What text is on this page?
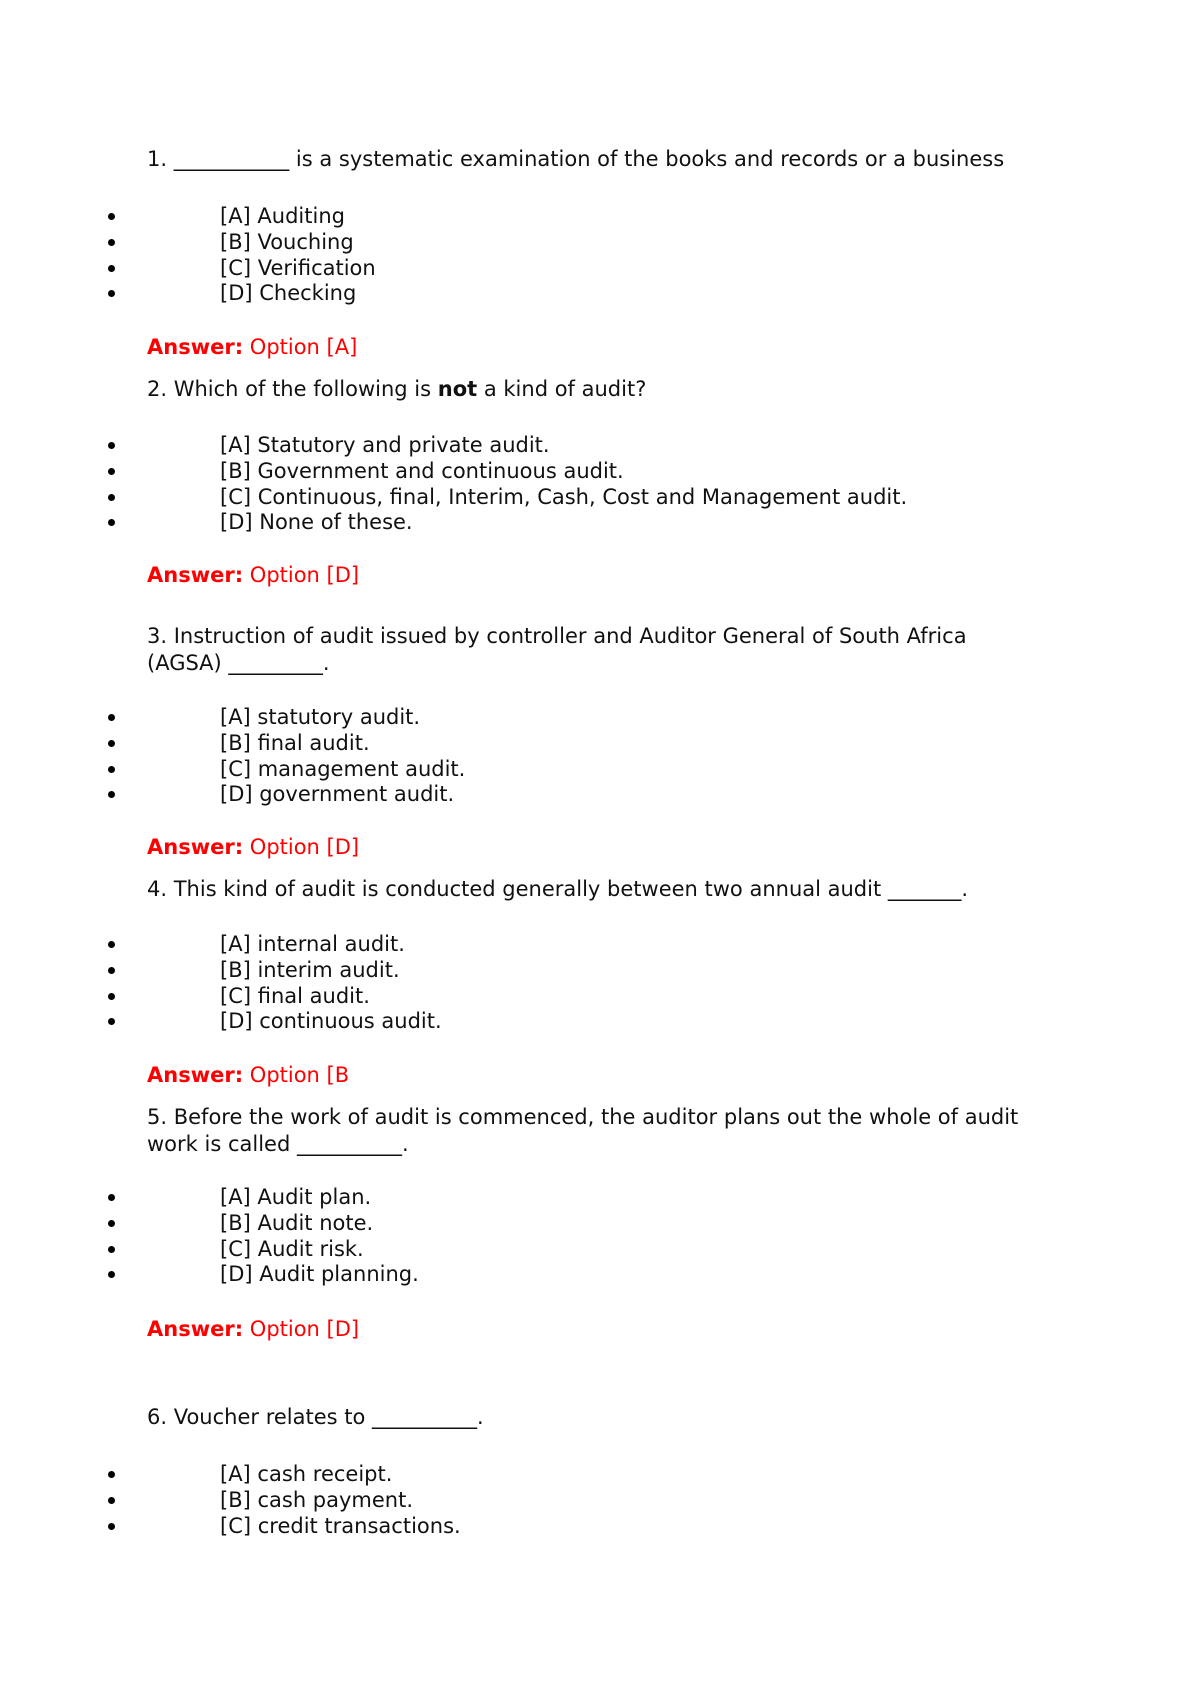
1. ___________ is a systematic examination of the books and records or a business

[A] Auditing
[B] Vouching
[C] Verification
[D] Checking

Answer: Option [A]

2. Which of the following is not a kind of audit?

[A] Statutory and private audit.
[B] Government and continuous audit.
[C] Continuous, final, Interim, Cash, Cost and Management audit.
[D] None of these.

Answer: Option [D]

3. Instruction of audit issued by controller and Auditor General of South Africa (AGSA) _________.

[A] statutory audit.
[B] final audit.
[C] management audit.
[D] government audit.

Answer: Option [D]

4. This kind of audit is conducted generally between two annual audit _______.

[A] internal audit.
[B] interim audit.
[C] final audit.
[D] continuous audit.

Answer: Option [B

5. Before the work of audit is commenced, the auditor plans out the whole of audit work is called __________.

[A] Audit plan.
[B] Audit note.
[C] Audit risk.
[D] Audit planning.

Answer: Option [D]

6. Voucher relates to __________.

[A] cash receipt.
[B] cash payment.
[C] credit transactions.
